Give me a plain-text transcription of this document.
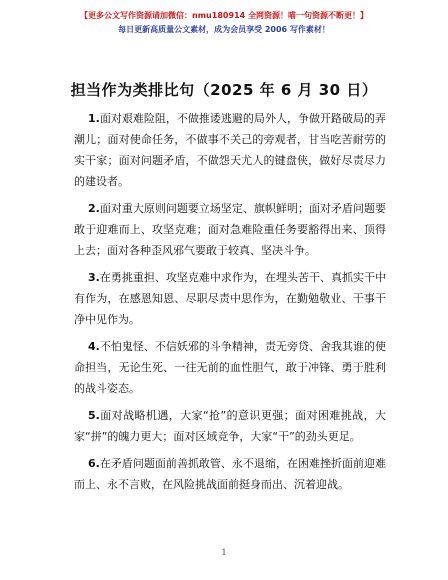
【更多公文写作资源请加微信：nmu180914 全网资源！喵一句资源不断更！】
每日更新高质量公文素材，成为会员享受 2006 写作素材！
担当作为类排比句（2025 年 6 月 30 日）

1.面对艰难险阻，不做推诿逃避的局外人，争做开路破局的弄潮儿；面对使命任务，不做事不关己的旁观者，甘当吃苦耐劳的实干家；面对问题矛盾，不做怨天尤人的键盘侠，做好尽责尽力的建设者。

2.面对重大原则问题要立场坚定、旗帜鲜明；面对矛盾问题要敢于迎难而上、攻坚克难；面对急难险重任务要豁得出来、顶得上去；面对各种歪风邪气要敢于较真、坚决斗争。

3.在勇挑重担、攻坚克难中求作为，在埋头苦干、真抓实干中有作为，在感恩知恩、尽职尽责中思作为，在勤勉敬业、干事干净中见作为。

4.不怕鬼怪、不信妖邪的斗争精神，责无旁贷、舍我其谁的使命担当，无论生死、一往无前的血性胆气，敢于冲锋、勇于胜利的战斗姿态。

5.面对战略机遇，大家“抢”的意识更强；面对困难挑战，大家“拼”的魄力更大；面对区域竞争，大家“干”的劲头更足。

6.在矛盾问题面前善抓敢管、永不退缩，在困难挫折面前迎难而上、永不言败，在风险挑战面前挺身而出、沉着迎战。

1
